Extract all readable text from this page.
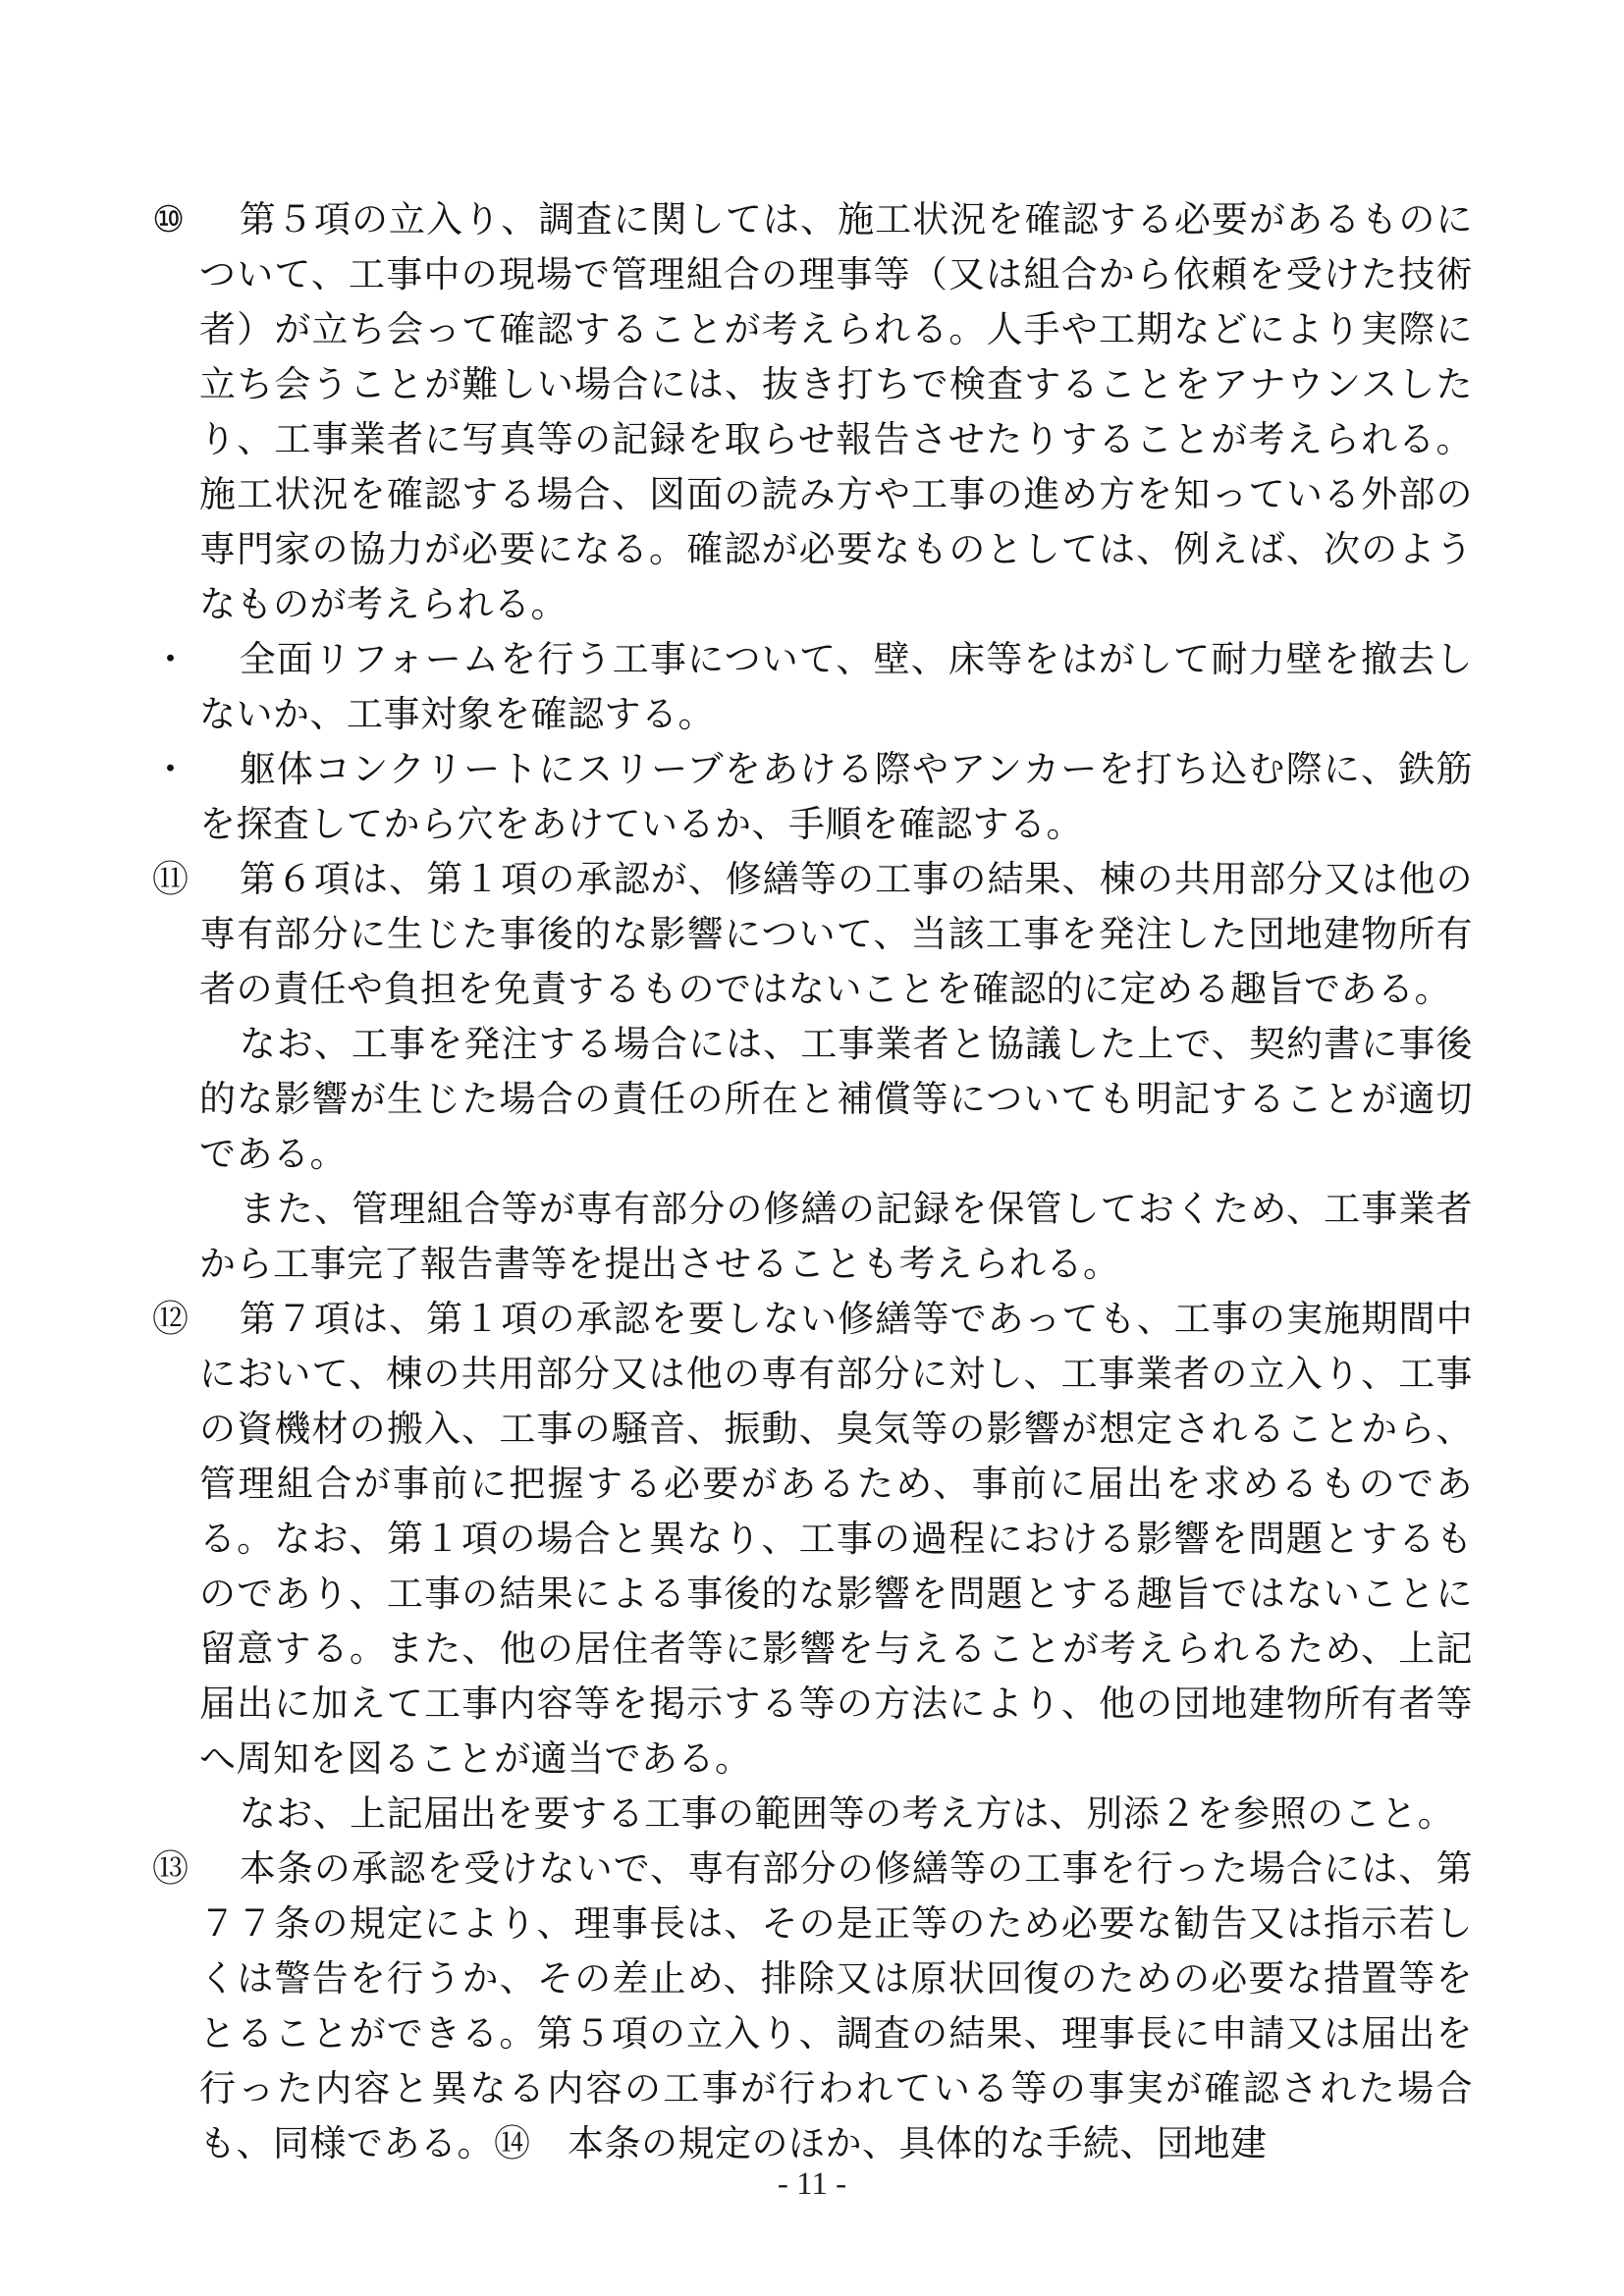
⑩	第５項の立入り、調査に関しては、施工状況を確認する必要があるものについて、工事中の現場で管理組合の理事等（又は組合から依頼を受けた技術者）が立ち会って確認することが考えられる。人手や工期などにより実際に立ち会うことが難しい場合には、抜き打ちで検査することをアナウンスしたり、工事業者に写真等の記録を取らせ報告させたりすることが考えられる。施工状況を確認する場合、図面の読み方や工事の進め方を知っている外部の専門家の協力が必要になる。確認が必要なものとしては、例えば、次のようなものが考えられる。

・	全面リフォームを行う工事について、壁、床等をはがして耐力壁を撤去しないか、工事対象を確認する。

・	躯体コンクリートにスリーブをあける際やアンカーを打ち込む際に、鉄筋を探査してから穴をあけているか、手順を確認する。

⑪	第６項は、第１項の承認が、修繕等の工事の結果、棟の共用部分又は他の専有部分に生じた事後的な影響について、当該工事を発注した団地建物所有者の責任や負担を免責するものではないことを確認的に定める趣旨である。

なお、工事を発注する場合には、工事業者と協議した上で、契約書に事後的な影響が生じた場合の責任の所在と補償等についても明記することが適切である。

また、管理組合等が専有部分の修繕の記録を保管しておくため、工事業者から工事完了報告書等を提出させることも考えられる。

⑫	第７項は、第１項の承認を要しない修繕等であっても、工事の実施期間中において、棟の共用部分又は他の専有部分に対し、工事業者の立入り、工事の資機材の搬入、工事の騒音、振動、臭気等の影響が想定されることから、管理組合が事前に把握する必要があるため、事前に届出を求めるものである。なお、第１項の場合と異なり、工事の過程における影響を問題とするものであり、工事の結果による事後的な影響を問題とする趣旨ではないことに留意する。また、他の居住者等に影響を与えることが考えられるため、上記届出に加えて工事内容等を掲示する等の方法により、他の団地建物所有者等へ周知を図ることが適当である。

なお、上記届出を要する工事の範囲等の考え方は、別添２を参照のこと。

⑬	本条の承認を受けないで、専有部分の修繕等の工事を行った場合には、第７７条の規定により、理事長は、その是正等のため必要な勧告又は指示若しくは警告を行うか、その差止め、排除又は原状回復のための必要な措置等をとることができる。第５項の立入り、調査の結果、理事長に申請又は届出を行った内容と異なる内容の工事が行われている等の事実が確認された場合も、同様である。⑭　本条の規定のほか、具体的な手続、団地建

- 11 -
